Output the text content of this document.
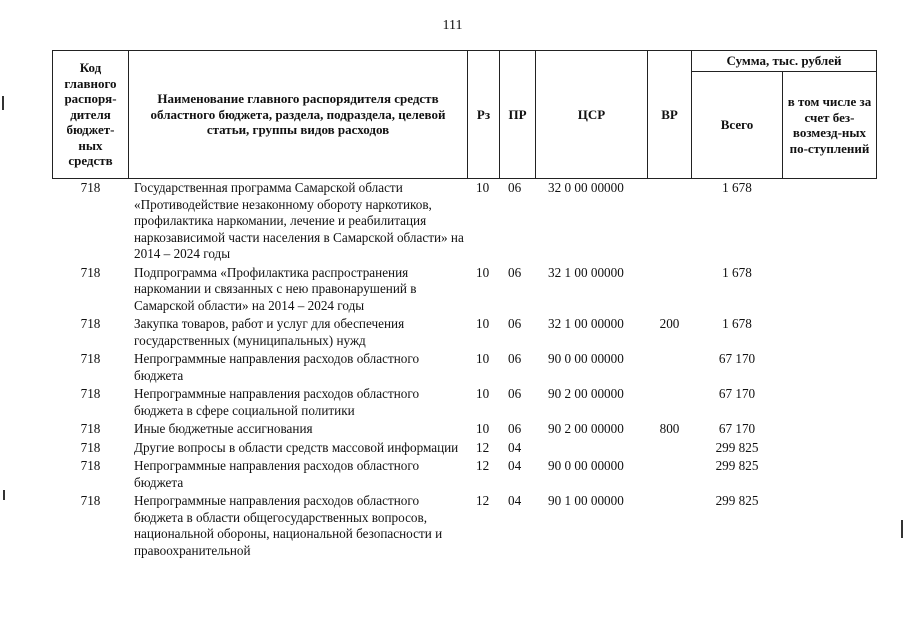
111
Код главного распоря-дителя бюджет-ных средств	Наименование главного распорядителя средств областного бюджета, раздела, подраздела, целевой статьи, группы видов расходов	Рз	ПР	ЦСР	ВР	Сумма, тыс. рублей	
						Всего	в том числе за счет без-возмезд-ных по-ступлений
718	Государственная программа Самарской области «Противодействие незаконному обороту наркотиков, профилактика наркомании, лечение и реабилитация наркозависимой части населения в Самарской области» на 2014 – 2024 годы	10	06	32 0 00 00000		1 678	
718	Подпрограмма «Профилактика распространения наркомании и связанных с нею правонарушений в Самарской области» на 2014 – 2024 годы	10	06	32 1 00 00000		1 678	
718	Закупка товаров, работ и услуг для обеспечения государственных (муниципальных) нужд	10	06	32 1 00 00000	200	1 678	
718	Непрограммные направления расходов областного бюджета	10	06	90 0 00 00000		67 170	
718	Непрограммные направления расходов областного бюджета в сфере социальной политики	10	06	90 2 00 00000		67 170	
718	Иные бюджетные ассигнования	10	06	90 2 00 00000	800	67 170	
718	Другие вопросы в области средств массовой информации	12	04			299 825	
718	Непрограммные направления расходов областного бюджета	12	04	90 0 00 00000		299 825	
718	Непрограммные направления расходов областного бюджета в области общегосударственных вопросов, национальной обороны, национальной безопасности и правоохранительной	12	04	90 1 00 00000		299 825	
